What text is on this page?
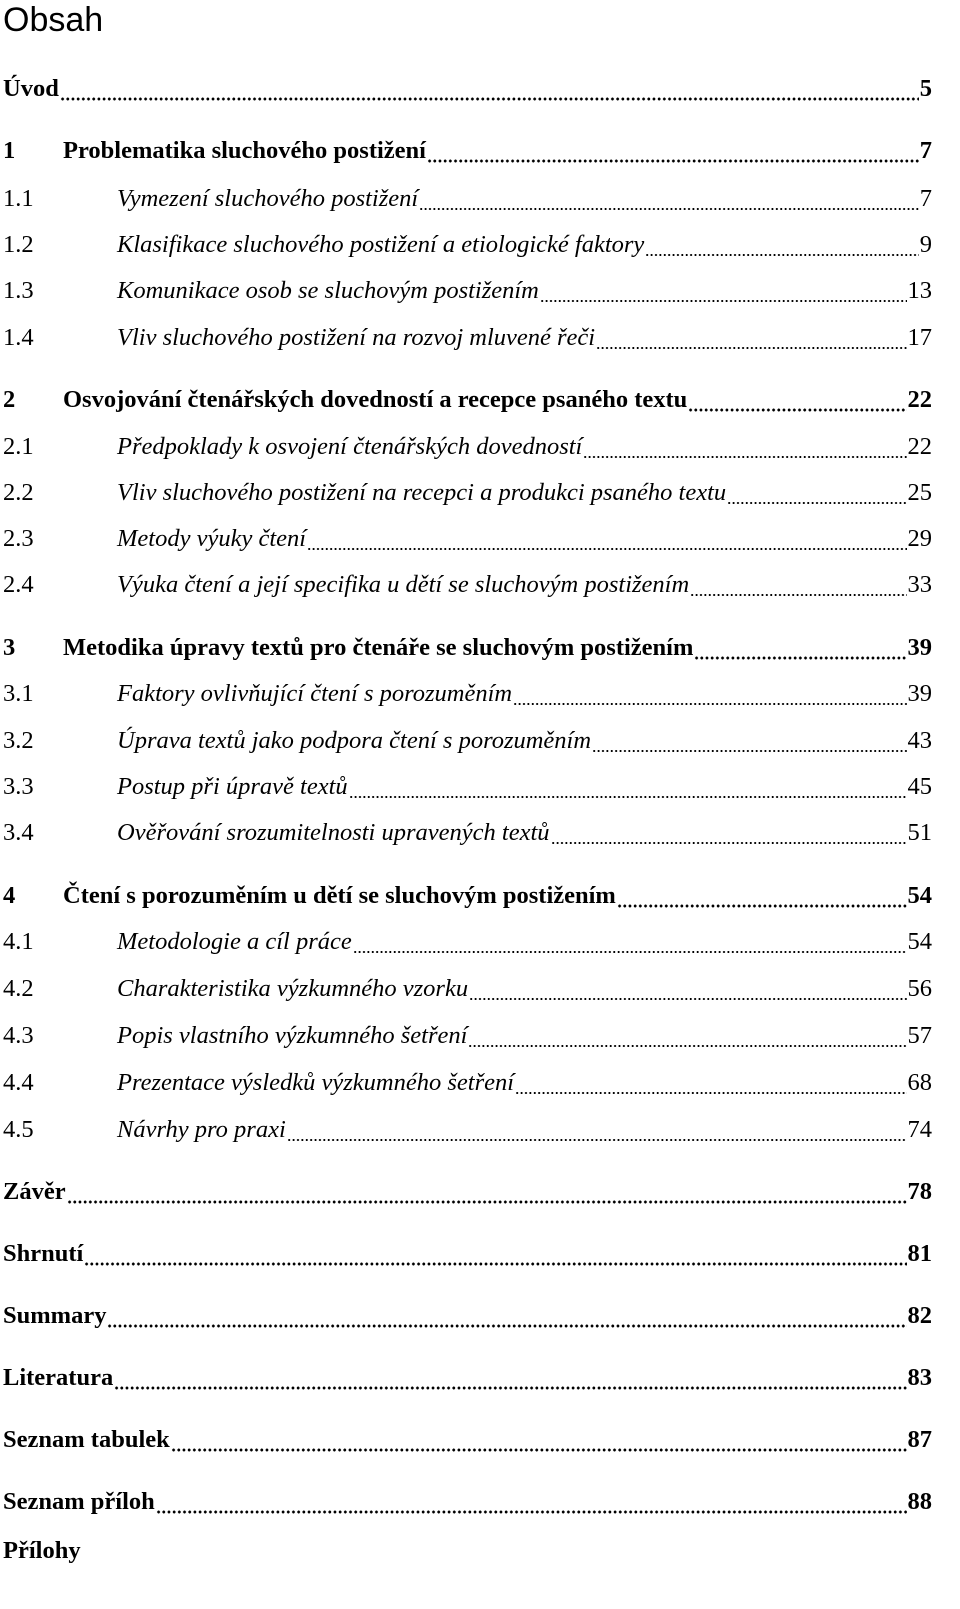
Obsah
Úvod	5
1	Problematika sluchového postižení	7
1.1	Vymezení sluchového postižení	7
1.2	Klasifikace sluchového postižení a etiologické faktory	9
1.3	Komunikace osob se sluchovým postižením	13
1.4	Vliv sluchového postižení na rozvoj mluvené řeči	17
2	Osvojování čtenářských dovedností a recepce psaného textu	22
2.1	Předpoklady k osvojení čtenářských dovedností	22
2.2	Vliv sluchového postižení na recepci a produkci psaného textu	25
2.3	Metody výuky čtení	29
2.4	Výuka čtení a její specifika u dětí se sluchovým postižením	33
3	Metodika úpravy textů pro čtenáře se sluchovým postižením	39
3.1	Faktory ovlivňující čtení s porozuměním	39
3.2	Úprava textů jako podpora čtení s porozuměním	43
3.3	Postup při úpravě textů	45
3.4	Ověřování srozumitelnosti upravených textů	51
4	Čtení s porozuměním u dětí se sluchovým postižením	54
4.1	Metodologie a cíl práce	54
4.2	Charakteristika výzkumného vzorku	56
4.3	Popis vlastního výzkumného šetření	57
4.4	Prezentace výsledků výzkumného šetření	68
4.5	Návrhy pro praxi	74
Závěr	78
Shrnutí	81
Summary	82
Literatura	83
Seznam tabulek	87
Seznam příloh	88
Přílohy
